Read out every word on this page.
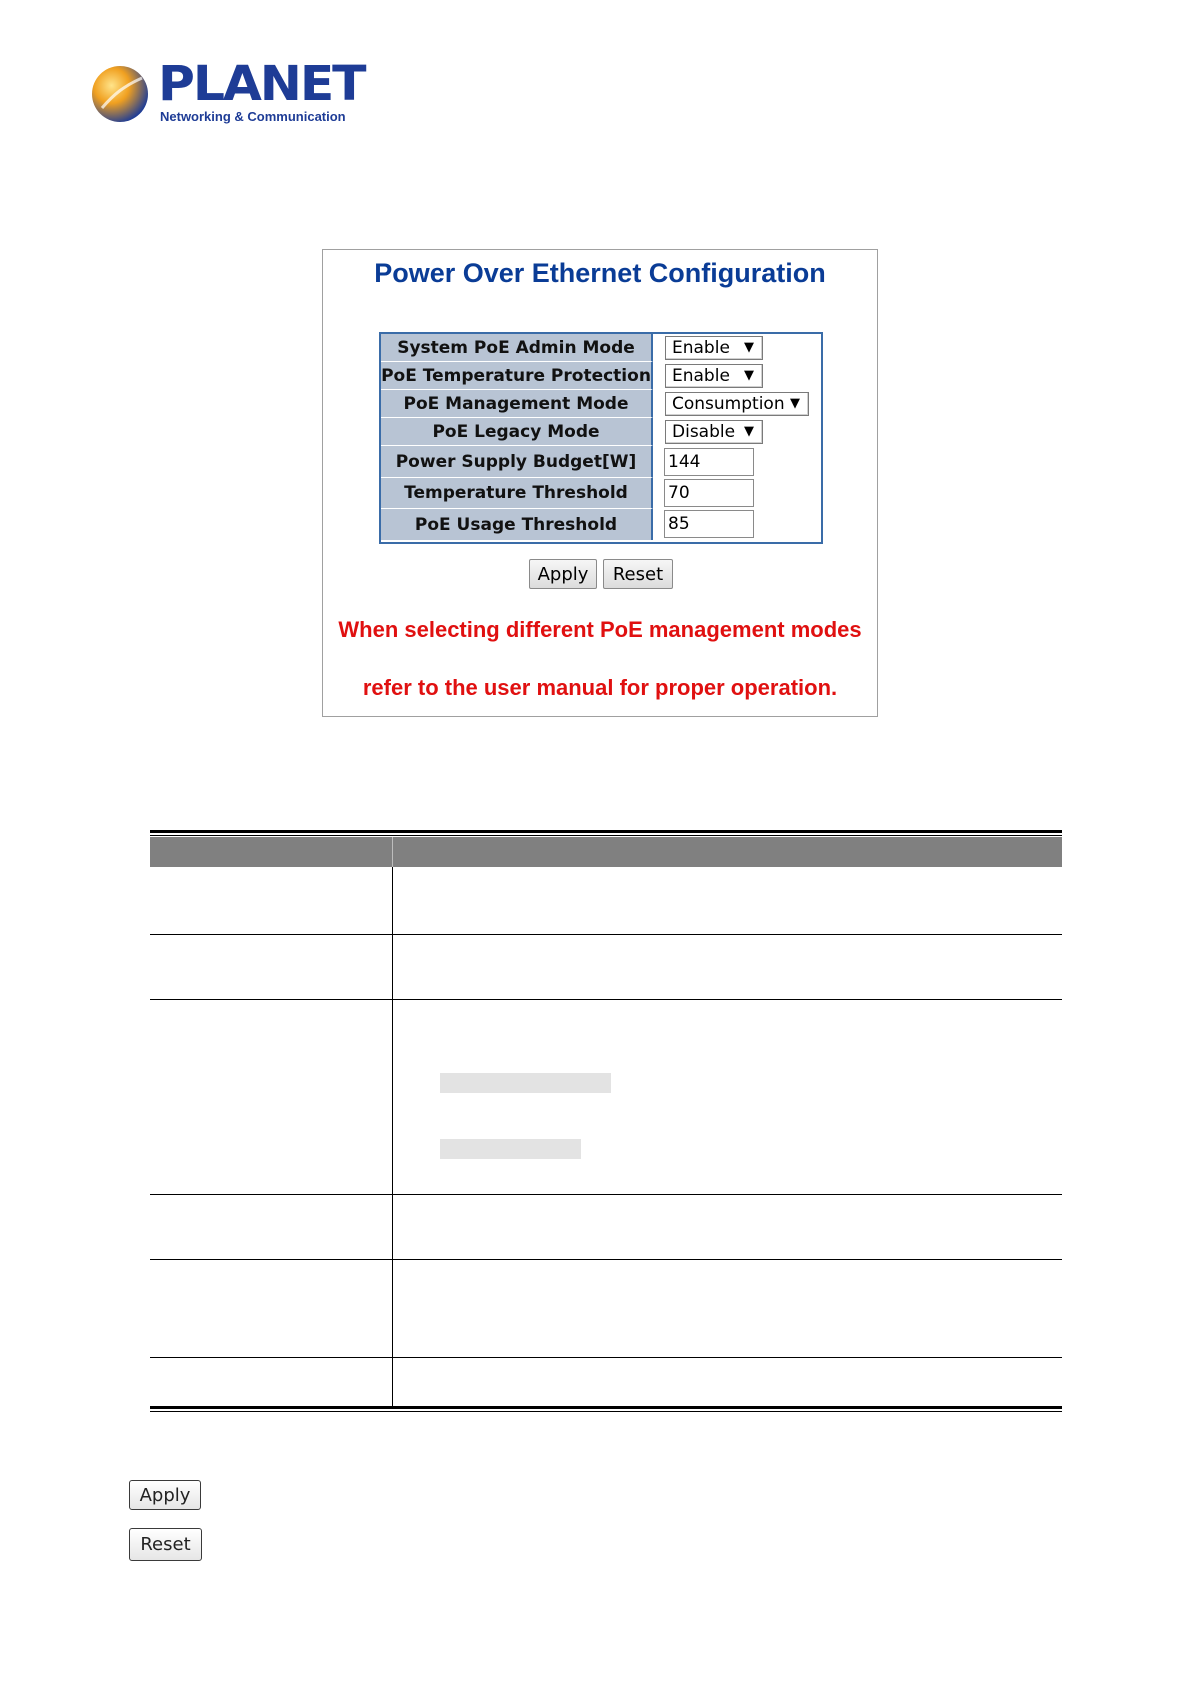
PLANET
Networking & Communication
Power Over Ethernet Configuration
System PoE Admin Mode	Enable ▼
PoE Temperature Protection Enable ▼
PoE Management Mode	Consumption ▼
PoE Legacy Mode	Disable ▼
Power Supply Budget[W]	144
Temperature Threshold	70
PoE Usage Threshold	85
Apply	Reset
When selecting different PoE management modes
refer to the user manual for proper operation.
Apply
Reset
